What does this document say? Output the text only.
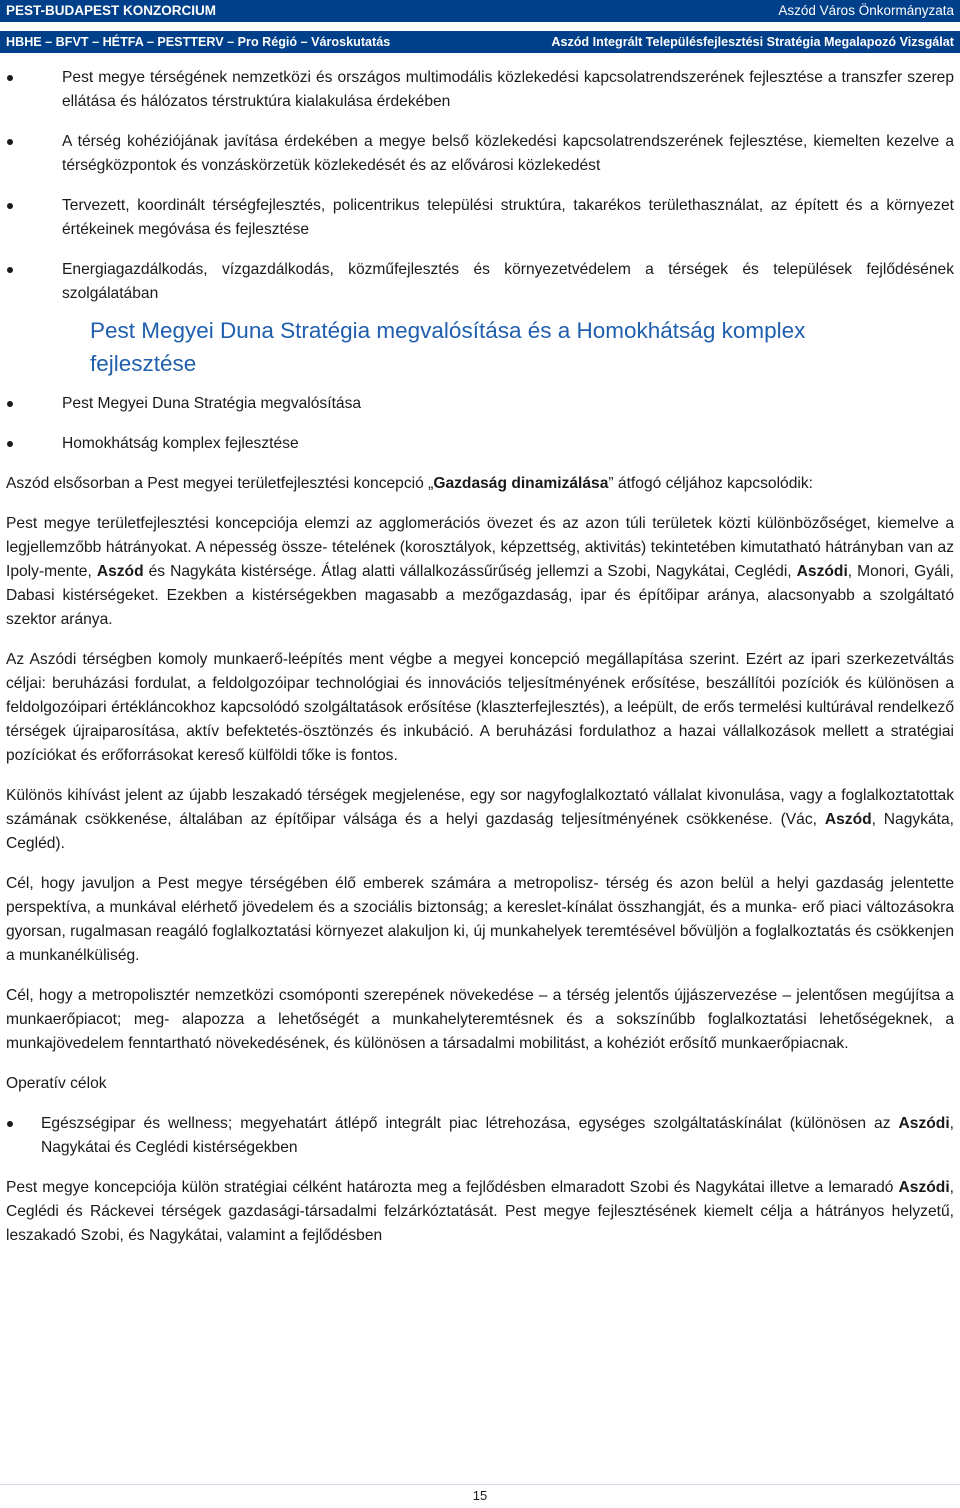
PEST-BUDAPEST KONZORCIUM	Aszód Város Önkormányzata
HBHE – BFVT – HÉTFA – PESTTERV – Pro Régió – Városkutatás	Aszód Integrált Településfejlesztési Stratégia Megalapozó Vizsgálat
Pest megye térségének nemzetközi és országos multimodális közlekedési kapcsolatrendszerének fejlesztése a transzfer szerep ellátása és hálózatos térstruktúra kialakulása érdekében
A térség kohéziójának javítása érdekében a megye belső közlekedési kapcsolatrendszerének fejlesztése, kiemelten kezelve a térségközpontok és vonzáskörzetük közlekedését és az elővárosi közlekedést
Tervezett, koordinált térségfejlesztés, policentrikus települési struktúra, takarékos területhasználat, az épített és a környezet értékeinek megóvása és fejlesztése
Energiagazdálkodás, vízgazdálkodás, közműfejlesztés és környezetvédelem a térségek és települések fejlődésének szolgálatában
Pest Megyei Duna Stratégia megvalósítása és a Homokhátság komplex fejlesztése
Pest Megyei Duna Stratégia megvalósítása
Homokhátság komplex fejlesztése

Aszód elsősorban a Pest megyei területfejlesztési koncepció „Gazdaság dinamizálása” átfogó céljához kapcsolódik:

Pest megye területfejlesztési koncepciója elemzi az agglomerációs övezet és az azon túli területek közti különbözőséget, kiemelve a legjellemzőbb hátrányokat. A népesség össze- tételének (korosztályok, képzettség, aktivitás) tekintetében kimutatható hátrányban van az Ipoly-mente, Aszód és Nagykáta kistérsége. Átlag alatti vállalkozássűrűség jellemzi a Szobi, Nagykátai, Ceglédi, Aszódi, Monori, Gyáli, Dabasi kistérségeket. Ezekben a kistérségekben magasabb a mezőgazdaság, ipar és építőipar aránya, alacsonyabb a szolgáltató szektor aránya.

Az Aszódi térségben komoly munkaerő-leépítés ment végbe a megyei koncepció megállapítása szerint. Ezért az ipari szerkezetváltás céljai: beruházási fordulat, a feldolgozóipar technológiai és innovációs teljesítményének erősítése, beszállítói pozíciók és különösen a feldolgozóipari értékláncokhoz kapcsolódó szolgáltatások erősítése (klaszterfejlesztés), a leépült, de erős termelési kultúrával rendelkező térségek újraiparosítása, aktív befektetés-ösztönzés és inkubáció. A beruházási fordulathoz a hazai vállalkozások mellett a stratégiai pozíciókat és erőforrásokat kereső külföldi tőke is fontos.

Különös kihívást jelent az újabb leszakadó térségek megjelenése, egy sor nagyfoglalkoztató vállalat kivonulása, vagy a foglalkoztatottak számának csökkenése, általában az építőipar válsága és a helyi gazdaság teljesítményének csökkenése. (Vác, Aszód, Nagykáta, Cegléd).

Cél, hogy javuljon a Pest megye térségében élő emberek számára a metropolisz- térség és azon belül a helyi gazdaság jelentette perspektíva, a munkával elérhető jövedelem és a szociális biztonság; a kereslet-kínálat összhangját, és a munka- erő piaci változásokra gyorsan, rugalmasan reagáló foglalkoztatási környezet alakuljon ki, új munkahelyek teremtésével bővüljön a foglalkoztatás és csökkenjen a munkanélküliség.

Cél, hogy a metropolisztér nemzetközi csomóponti szerepének növekedése – a térség jelentős újjászervezése – jelentősen megújítsa a munkaerőpiacot; meg- alapozza a lehetőségét a munkahelyteremtésnek és a sokszínűbb foglalkoztatási lehetőségeknek, a munkajövedelem fenntartható növekedésének, és különösen a társadalmi mobilitást, a kohéziót erősítő munkaerőpiacnak.

Operatív célok

Egészségipar és wellness; megyehatárt átlépő integrált piac létrehozása, egységes szolgáltatáskínálat (különösen az Aszódi, Nagykátai és Ceglédi kistérségekben

Pest megye koncepciója külön stratégiai célként határozta meg a fejlődésben elmaradott Szobi és Nagykátai illetve a lemaradó Aszódi, Ceglédi és Ráckevei térségek gazdasági-társadalmi felzárkóztatását. Pest megye fejlesztésének kiemelt célja a hátrányos helyzetű, leszakadó Szobi, és Nagykátai, valamint a fejlődésben

15
